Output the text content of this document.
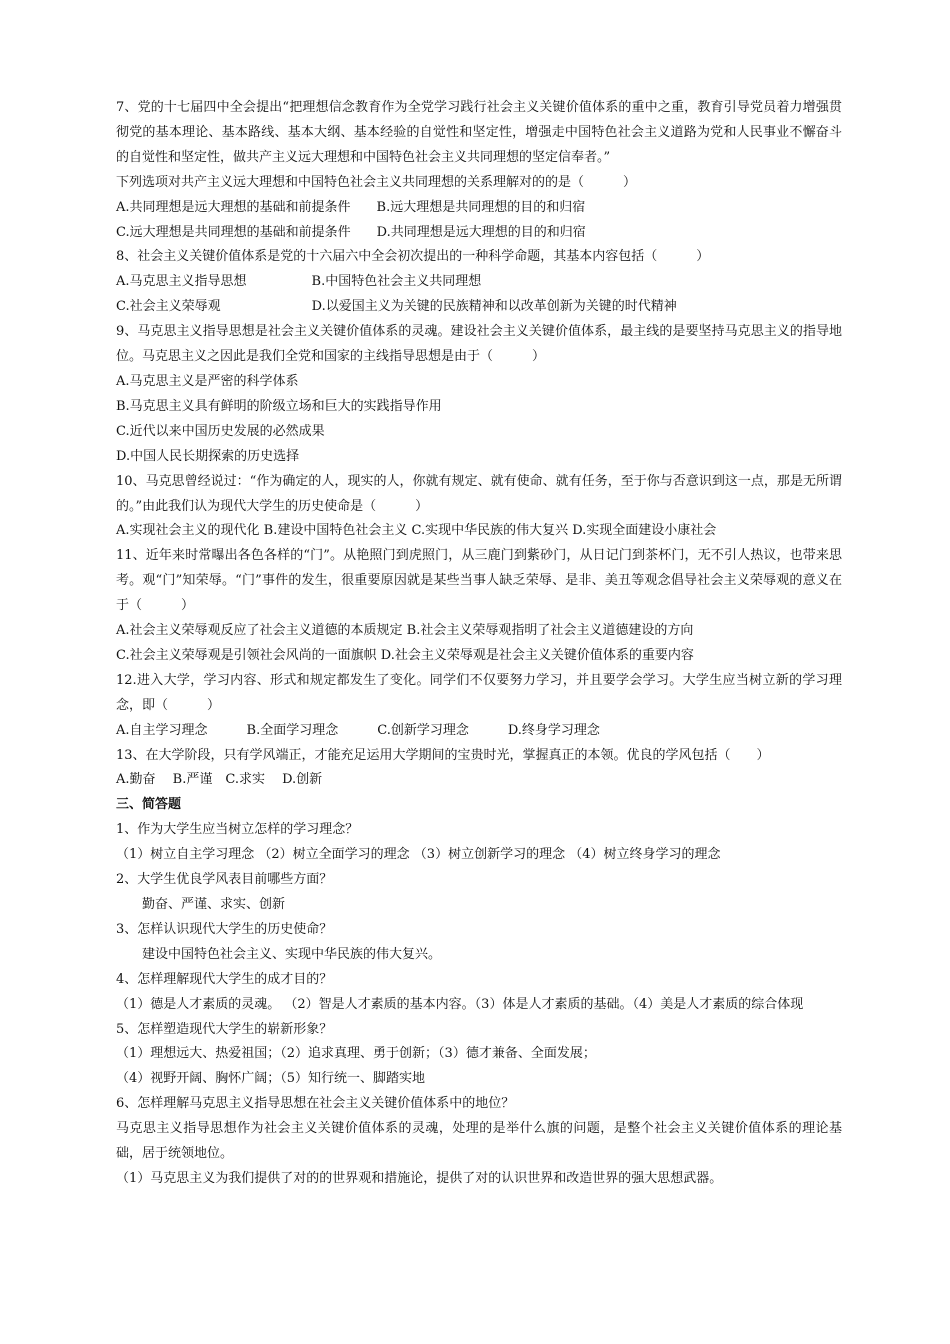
7、党的十七届四中全会提出“把理想信念教育作为全党学习践行社会主义关键价值体系的重中之重，教育引导党员着力增强贯彻党的基本理论、基本路线、基本大纲、基本经验的自觉性和坚定性，增强走中国特色社会主义道路为党和人民事业不懈奋斗的自觉性和坚定性，做共产主义远大理想和中国特色社会主义共同理想的坚定信奉者。”

下列选项对共产主义远大理想和中国特色社会主义共同理想的关系理解对的的是（　　　）

A.共同理想是远大理想的基础和前提条件　　B.远大理想是共同理想的目的和归宿

C.远大理想是共同理想的基础和前提条件　　D.共同理想是远大理想的目的和归宿

8、社会主义关键价值体系是党的十六届六中全会初次提出的一种科学命题，其基本内容包括（　　　）

A.马克思主义指导思想　　　　　B.中国特色社会主义共同理想

C.社会主义荣辱观　　　　　　　D.以爱国主义为关键的民族精神和以改革创新为关键的时代精神

9、马克思主义指导思想是社会主义关键价值体系的灵魂。建设社会主义关键价值体系，最主线的是要坚持马克思主义的指导地位。马克思主义之因此是我们全党和国家的主线指导思想是由于（　　　）

A.马克思主义是严密的科学体系

B.马克思主义具有鲜明的阶级立场和巨大的实践指导作用

C.近代以来中国历史发展的必然成果

D.中国人民长期探索的历史选择

10、马克思曾经说过：“作为确定的人，现实的人，你就有规定、就有使命、就有任务，至于你与否意识到这一点，那是无所谓的。”由此我们认为现代大学生的历史使命是（　　　）

A.实现社会主义的现代化 B.建设中国特色社会主义 C.实现中华民族的伟大复兴 D.实现全面建设小康社会

11、近年来时常曝出各色各样的“门”。从艳照门到虎照门，从三鹿门到紫砂门，从日记门到茶杯门，无不引人热议，也带来思考。观“门”知荣辱。“门”事件的发生，很重要原因就是某些当事人缺乏荣辱、是非、美丑等观念倡导社会主义荣辱观的意义在于（　　　）

A.社会主义荣辱观反应了社会主义道德的本质规定 B.社会主义荣辱观指明了社会主义道德建设的方向

C.社会主义荣辱观是引领社会风尚的一面旗帜 D.社会主义荣辱观是社会主义关键价值体系的重要内容

12.进入大学，学习内容、形式和规定都发生了变化。同学们不仅要努力学习，并且要学会学习。大学生应当树立新的学习理念，即（　　　）

A.自主学习理念　　　B.全面学习理念　　　C.创新学习理念　　　D.终身学习理念

13、在大学阶段，只有学风端正，才能充足运用大学期间的宝贵时光，掌握真正的本领。优良的学风包括（　　）

A.勤奋　 B.严谨　C.求实　 D.创新

三、简答题

1、作为大学生应当树立怎样的学习理念？

（1）树立自主学习理念 （2）树立全面学习的理念 （3）树立创新学习的理念 （4）树立终身学习的理念

2、大学生优良学风表目前哪些方面？

勤奋、严谨、求实、创新

3、怎样认识现代大学生的历史使命？

建设中国特色社会主义、实现中华民族的伟大复兴。

4、怎样理解现代大学生的成才目的？

（1）德是人才素质的灵魂。 （2）智是人才素质的基本内容。（3）体是人才素质的基础。（4）美是人才素质的综合体现

5、怎样塑造现代大学生的崭新形象？

（1）理想远大、热爱祖国；（2）追求真理、勇于创新；（3）德才兼备、全面发展；

（4）视野开阔、胸怀广阔；（5）知行统一、脚踏实地

6、怎样理解马克思主义指导思想在社会主义关键价值体系中的地位？

马克思主义指导思想作为社会主义关键价值体系的灵魂，处理的是举什么旗的问题，是整个社会主义关键价值体系的理论基础，居于统领地位。

（1）马克思主义为我们提供了对的的世界观和措施论，提供了对的认识世界和改造世界的强大思想武器。
